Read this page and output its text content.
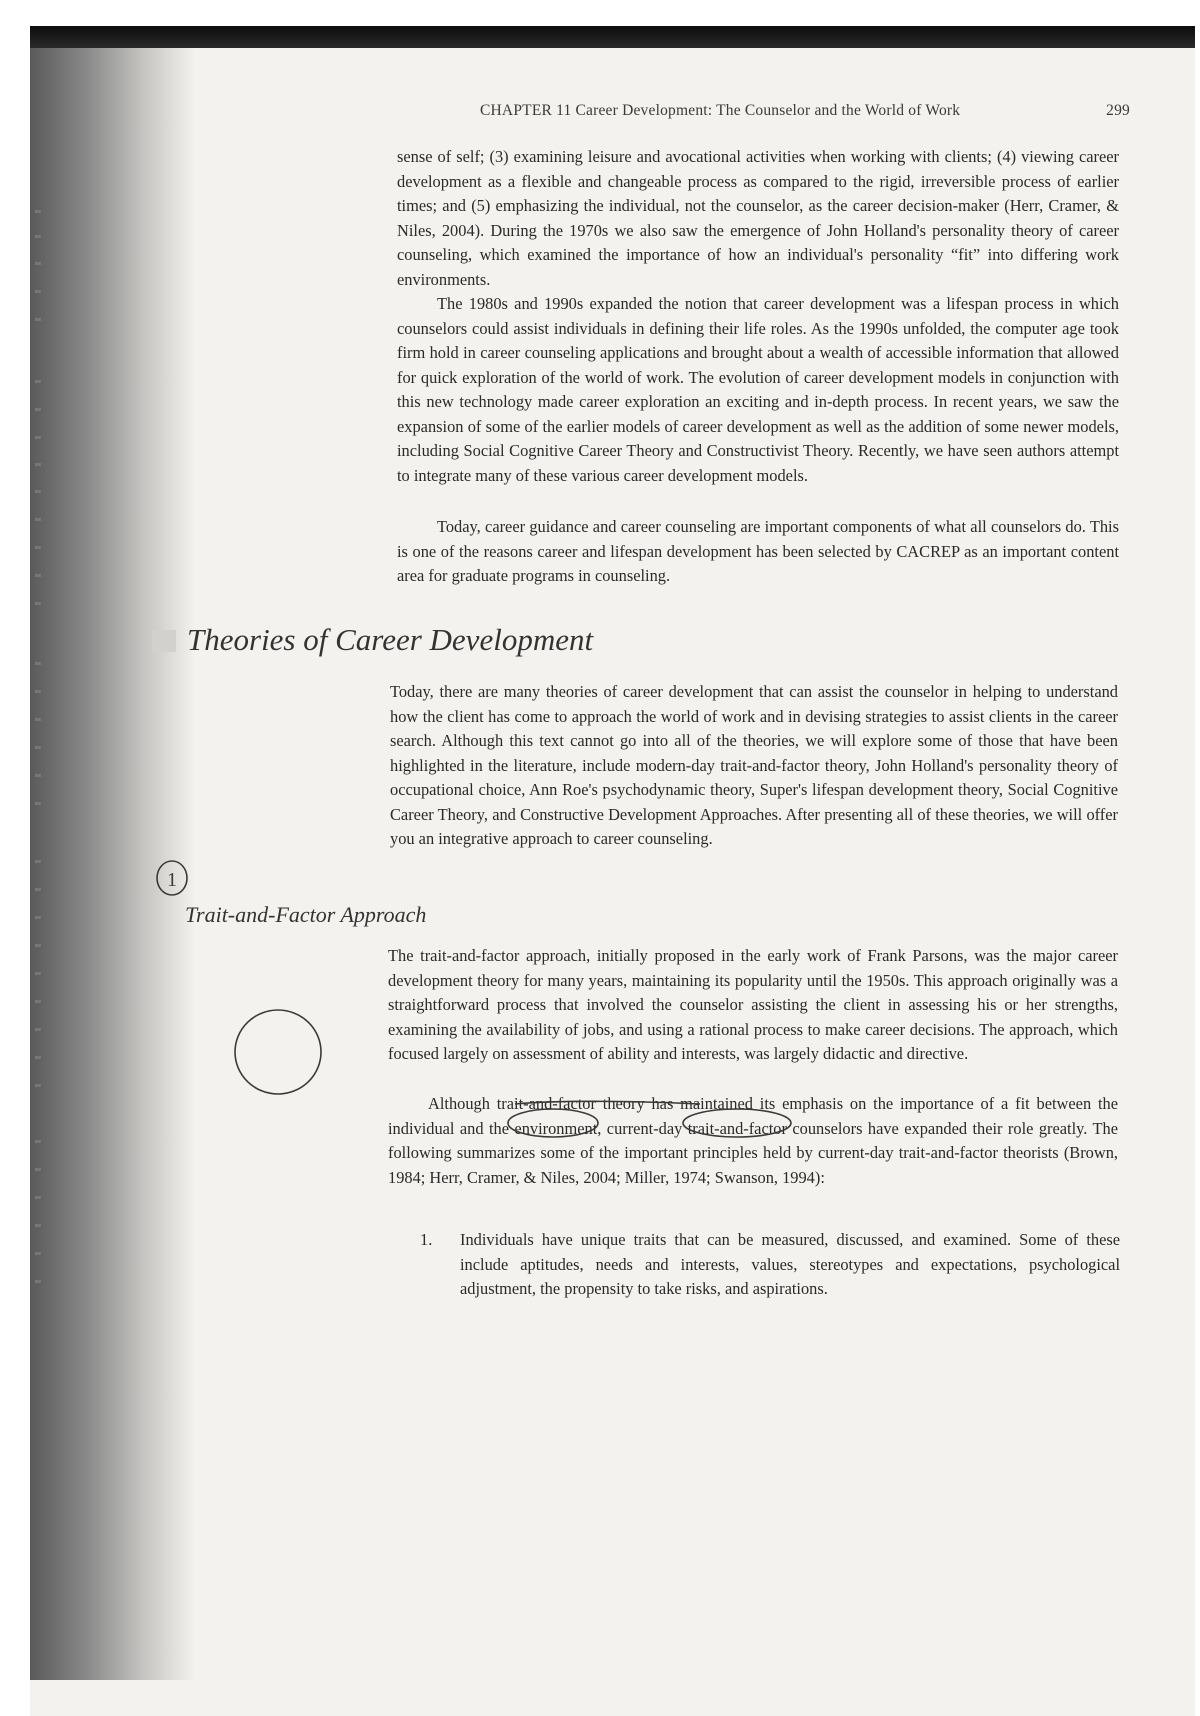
CHAPTER 11 Career Development: The Counselor and the World of Work	299

sense of self; (3) examining leisure and avocational activities when working with clients; (4) viewing career development as a flexible and changeable process as compared to the rigid, irreversible process of earlier times; and (5) emphasizing the individual, not the counselor, as the career decision-maker (Herr, Cramer, & Niles, 2004). During the 1970s we also saw the emergence of John Holland's personality theory of career counseling, which examined the importance of how an individual's personality “fit” into differing work environments.

The 1980s and 1990s expanded the notion that career development was a lifespan process in which counselors could assist individuals in defining their life roles. As the 1990s unfolded, the computer age took firm hold in career counseling applications and brought about a wealth of accessible information that allowed for quick exploration of the world of work. The evolution of career development models in conjunction with this new technology made career exploration an exciting and in-depth process. In recent years, we saw the expansion of some of the earlier models of career development as well as the addition of some newer models, including Social Cognitive Career Theory and Constructivist Theory. Recently, we have seen authors attempt to integrate many of these various career development models.

Today, career guidance and career counseling are important components of what all counselors do. This is one of the reasons career and lifespan development has been selected by CACREP as an important content area for graduate programs in counseling.

Theories of Career Development

Today, there are many theories of career development that can assist the counselor in helping to understand how the client has come to approach the world of work and in devising strategies to assist clients in the career search. Although this text cannot go into all of the theories, we will explore some of those that have been highlighted in the literature, include modern-day trait-and-factor theory, John Holland's personality theory of occupational choice, Ann Roe's psychodynamic theory, Super's lifespan development theory, Social Cognitive Career Theory, and Constructive Development Approaches. After presenting all of these theories, we will offer you an integrative approach to career counseling.

Trait-and-Factor Approach

The trait-and-factor approach, initially proposed in the early work of Frank Parsons, was the major career development theory for many years, maintaining its popularity until the 1950s. This approach originally was a straightforward process that involved the counselor assisting the client in assessing his or her strengths, examining the availability of jobs, and using a rational process to make career decisions. The approach, which focused largely on assessment of ability and interests, was largely didactic and directive.

Although trait-and-factor theory has maintained its emphasis on the importance of a fit between the individual and the environment, current-day trait-and-factor counselors have expanded their role greatly. The following summarizes some of the important principles held by current-day trait-and-factor theorists (Brown, 1984; Herr, Cramer, & Niles, 2004; Miller, 1974; Swanson, 1994):

1. Individuals have unique traits that can be measured, discussed, and examined. Some of these include aptitudes, needs and interests, values, stereotypes and expectations, psychological adjustment, the propensity to take risks, and aspirations.
1
